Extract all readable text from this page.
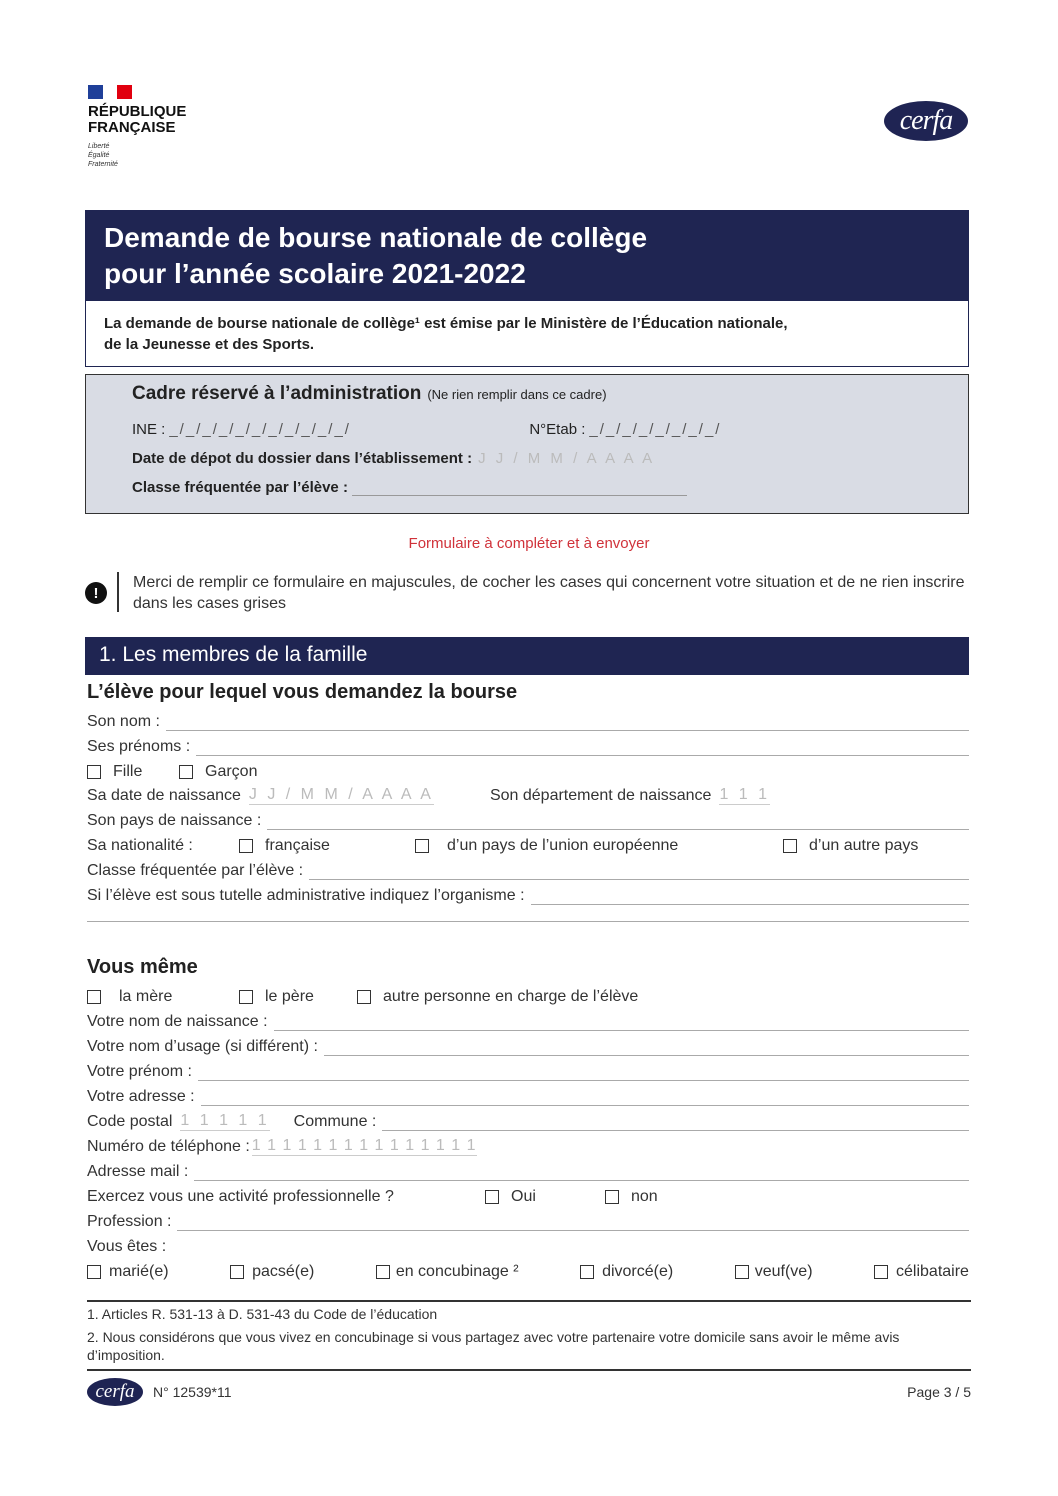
RÉPUBLIQUE
FRANÇAISE
Liberté
Égalité
Fraternité
cerfa
Demande de bourse nationale de collège
pour l’année scolaire 2021-2022
La demande de bourse nationale de collège¹ est émise par le Ministère de l’Éducation nationale,
de la Jeunesse et des Sports.
Cadre réservé à l’administration (Ne rien remplir dans ce cadre)
INE : _/_/_/_/_/_/_/_/_/_/_/	N°Etab : _/_/_/_/_/_/_/_/
Date de dépot du dossier dans l’établissement : J J / M M / A A A A
Classe fréquentée par l’élève :
Formulaire à compléter et à envoyer
!
Merci de remplir ce formulaire en majuscules, de cocher les cases qui concernent votre situation et de ne rien inscrire dans les cases grises
1. Les membres de la famille
L’élève pour lequel vous demandez la bourse
Son nom :
Ses prénoms :
Fille	Garçon
Sa date de naissance J J / M M / A A A A	Son département de naissance 1 1 1
Son pays de naissance :
Sa nationalité :	française	d’un pays de l’union européenne	d’un autre pays
Classe fréquentée par l’élève :
Si l’élève est sous tutelle administrative indiquez l’organisme :
Vous même
la mère	le père	autre personne en charge de l’élève
Votre nom de naissance :
Votre nom d’usage (si différent) :
Votre prénom :
Votre adresse :
Code postal 1 1 1 1 1 Commune :
Numéro de téléphone : 1 1 1 1 1 1 1 1 1 1 1 1 1 1 1
Adresse mail :
Exercez vous une activité professionnelle ?	Oui	non
Profession :
Vous êtes :
marié(e)	pacsé(e)	en concubinage ²	divorcé(e)	veuf(ve)	célibataire
1. Articles R. 531-13 à D. 531-43 du Code de l’éducation
2. Nous considérons que vous vivez en concubinage si vous partagez avec votre partenaire votre domicile sans avoir le même avis d’imposition.
cerfa	N° 12539*11	Page 3 / 5
